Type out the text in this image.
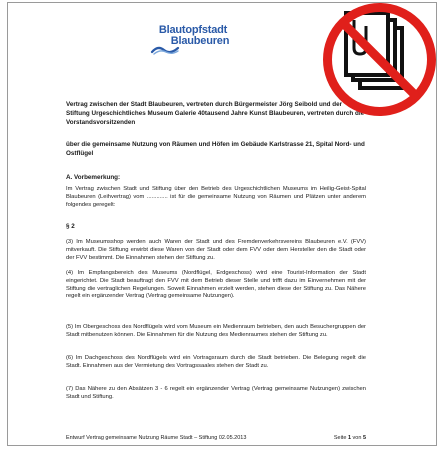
Blautopfstadt
Blaubeuren
Vertrag zwischen der Stadt Blaubeuren, vertreten durch Bürgermeister Jörg Seibold und der Stiftung Urgeschichtliches Museum Galerie 40tausend Jahre Kunst Blaubeuren, vertreten durch die Vorstandsvorsitzenden
über die gemeinsame Nutzung von Räumen und Höfen im Gebäude Karlstrasse 21, Spital Nord- und Ostflügel
A. Vorbemerkung:
Im Vertrag zwischen Stadt und Stiftung über den Betrieb des Urgeschichtlichen Museums im Heilig-Geist-Spital Blaubeuren (Leihvertrag) vom ............. ist für die gemeinsame Nutzung von Räumen und Plätzen unter anderem folgendes geregelt:
§ 2
(3) Im Museumsshop werden auch Waren der Stadt und des Fremdenverkehrsvereins Blaubeuren e.V. (FVV) mitverkauft. Die Stiftung erwirbt diese Waren von der Stadt oder dem FVV oder dem Hersteller den die Stadt oder der FVV bestimmt. Die Einnahmen stehen der Stiftung zu.
(4) Im Empfangsbereich des Museums (Nordflügel, Erdgeschoss) wird eine Tourist-Information der Stadt eingerichtet. Die Stadt beauftragt den FVV mit dem Betrieb dieser Stelle und trifft dazu im Einvernehmen mit der Stiftung die vertraglichen Regelungen. Soweit Einnahmen erzielt werden, stehen diese der Stiftung zu. Das Nähere regelt ein ergänzender Vertrag (Vertrag gemeinsame Nutzungen).
(5) Im Obergeschoss des Nordflügels wird vom Museum ein Medienraum betrieben, den auch Besuchergruppen der Stadt mitbenutzen können. Die Einnahmen für die Nutzung des Medienraumes stehen der Stiftung zu.
(6) Im Dachgeschoss des Nordflügels wird ein Vortragsraum durch die Stadt betrieben. Die Belegung regelt die Stadt. Einnahmen aus der Vermietung des Vortragssaales stehen der Stadt zu.
(7) Das Nähere zu den Absätzen 3 - 6 regelt ein ergänzender Vertrag (Vertrag gemeinsame Nutzungen) zwischen Stadt und Stiftung.
Entwurf Vertrag gemeinsame Nutzung Räume Stadt – Stiftung 02.05.2013	Seite 1 von 5
